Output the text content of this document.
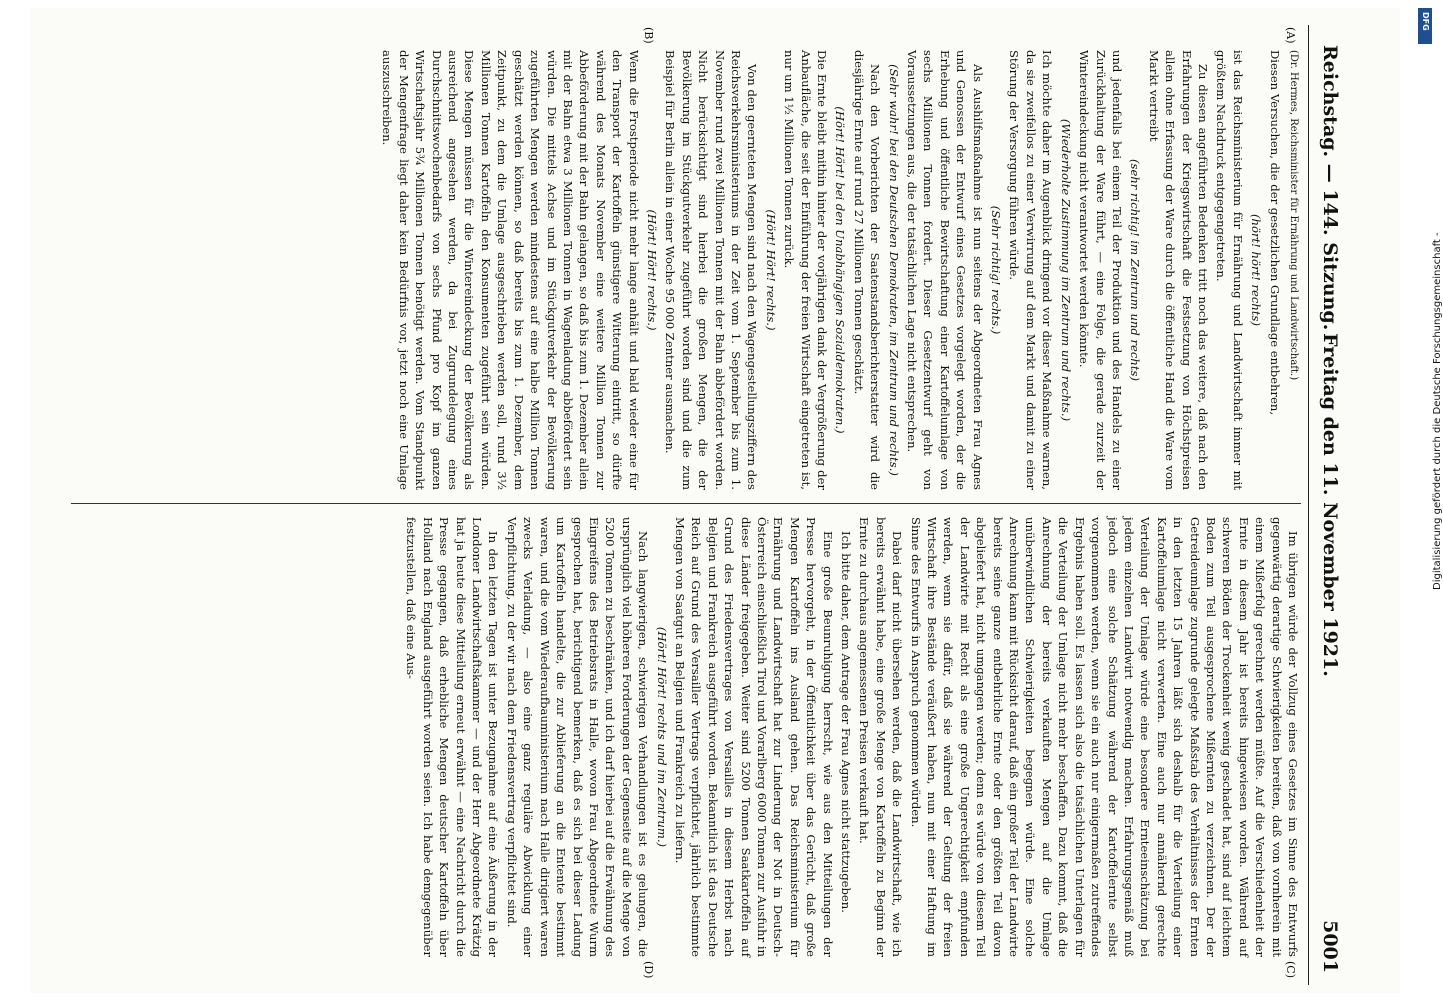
Reichstag. — 144. Sitzung.
Freitag den 11. November 1921.
5001
(A)
(B)
(C)
(D)

(Dr. Hermes, Reichsminister für Ernährung und Landwirtschaft.)

Diesen Versuchen, die der gesetzlichen Grundlage entbehren,

(hört! hört! rechts)

ist das Reichsministerium für Ernährung und Landwirtschaft immer mit größtem Nachdruck entgegengetreten.

Zu diesen angeführten Bedenken tritt noch das weitere, daß nach den Erfahrungen der Kriegswirtschaft die Festsetzung von Höchstpreisen allein ohne Erfassung der Ware durch die öffentliche Hand die Ware vom Markt vertreibt

(sehr richtig! im Zentrum und rechts)

und jedenfalls bei einem Teil der Produktion und des Handels zu einer Zurückhaltung der Ware führt, — eine Folge, die gerade zurzeit der Wintereindeckung nicht verantwortet werden könnte.

(Wiederholte Zustimmung im Zentrum und rechts.)

Ich möchte daher im Augenblick dringend vor dieser Maßnahme warnen, da sie zweifellos zu einer Verwirrung auf dem Markt und damit zu einer Störung der Versorgung führen würde.

(Sehr richtig! rechts.)

Als Aushilfsmaßnahme ist nun seitens der Abgeordneten Frau Agnes und Genossen der Entwurf eines Gesetzes vorgelegt worden, der die Erhebung und öffentliche Bewirtschaftung einer Kartoffelumlage von sechs Millionen Tonnen fordert. Dieser Gesetzentwurf geht von Voraussetzungen aus, die der tatsächlichen Lage nicht entsprechen.

(Sehr wahr! bei den Deutschen Demokraten, im Zentrum und rechts.)

Nach den Vorberichten der Saatenstandsberichterstatter wird die diesjährige Ernte auf rund 27 Millionen Tonnen geschätzt.

(Hört! Hört! bei den Unabhängigen Sozialdemokraten.)

Die Ernte bleibt mithin hinter der vorjährigen dank der Vergrößerung der Anbaufläche, die seit der Einführung der freien Wirtschaft eingetreten ist, nur um 1½ Millionen Tonnen zurück.

(Hört! Hört! rechts.)

Von den geernteten Mengen sind nach den Wagengestellungsziffern des Reichsverkehrsministeriums in der Zeit vom 1. September bis zum 1. November rund zwei Millionen Tonnen mit der Bahn abbefördert worden. Nicht berücksichtigt sind hierbei die großen Mengen, die der Bevölkerung im Stückgutverkehr zugeführt worden sind und die zum Beispiel für Berlin allein in einer Woche 95 000 Zentner ausmachen.

(Hört! Hört! rechts.)

Wenn die Frostperiode nicht mehr lange anhält und bald wieder eine für den Transport der Kartoffeln günstigere Witterung eintritt, so dürfte während des Monats November eine weitere Million Tonnen zur Abbeförderung mit der Bahn gelangen, so daß bis zum 1. Dezember allein mit der Bahn etwa 3 Millionen Tonnen in Wagenladung abbefördert sein würden. Die mittels Achse und im Stückgutverkehr der Bevölkerung zugeführten Mengen werden mindestens auf eine halbe Million Tonnen geschätzt werden können, so daß bereits bis zum 1. Dezember, dem Zeitpunkt, zu dem die Umlage ausgeschrieben werden soll, rund 3½ Millionen Tonnen Kartoffeln den Konsumenten zugeführt sein würden. Diese Mengen müssen für die Wintereindeckung der Bevölkerung als ausreichend angesehen werden, da bei Zugrundelegung eines Durchschnittswochenbedarfs von sechs Pfund pro Kopf im ganzen Wirtschaftsjahr 5¾ Millionen Tonnen benötigt werden. Vom Standpunkt der Mengenfrage liegt daher kein Bedürfnis vor, jetzt noch eine Umlage auszuschreiben.

Im übrigen würde der Vollzug eines Gesetzes im Sinne des Entwurfs gegenwärtig derartige Schwierigkeiten bereiten, daß von vornherein mit einem Mißerfolg gerechnet werden müßte. Auf die Verschiedenheit der Ernte in diesem Jahr ist bereits hingewiesen worden. Während auf schweren Böden der Trockenheit wenig geschadet hat, sind auf leichtem Boden zum Teil ausgesprochene Mißernten zu verzeichnen. Der der Getreideumlage zugrunde gelegte Maßstab des Verhältnisses der Ernten in den letzten 15 Jahren läßt sich deshalb für die Verteilung einer Kartoffelumlage nicht verwerten. Eine auch nur annähernd gerechte Verteilung der Umlage würde eine besondere Ernteeinschätzung bei jedem einzelnen Landwirt notwendig machen. Erfahrungsgemäß muß jedoch eine solche Schätzung während der Kartoffelernte selbst vorgenommen werden, wenn sie ein auch nur einigermaßen zutreffendes Ergebnis haben soll. Es lassen sich also die tatsächlichen Unterlagen für die Verteilung der Umlage nicht mehr beschaffen. Dazu kommt, daß die Anrechnung der bereits verkauften Mengen auf die Umlage unüberwindlichen Schwierigkeiten begegnen würde. Eine solche Anrechnung kann mit Rücksicht darauf, daß ein großer Teil der Landwirte bereits seine ganze entbehrliche Ernte oder den größten Teil davon abgeliefert hat, nicht umgangen werden; denn es würde von diesem Teil der Landwirte mit Recht als eine große Ungerechtigkeit empfunden werden, wenn sie dafür, daß sie während der Geltung der freien Wirtschaft ihre Bestände veräußert haben, nun mit einer Haftung im Sinne des Entwurfs in Anspruch genommen würden.

Dabei darf nicht übersehen werden, daß die Landwirtschaft, wie ich bereits erwähnt habe, eine große Menge von Kartoffeln zu Beginn der Ernte zu durchaus angemessenen Preisen verkauft hat.

Ich bitte daher, dem Antrage der Frau Agnes nicht stattzugeben.

Eine große Beunruhigung herrscht, wie aus den Mitteilungen der Presse hervorgeht, in der Öffentlichkeit über das Gerücht, daß große Mengen Kartoffeln ins Ausland gehen. Das Reichsministerium für Ernährung und Landwirtschaft hat zur Linderung der Not in Deutsch-Österreich einschließlich Tirol und Vorarlberg 6000 Tonnen zur Ausfuhr in diese Länder freigegeben. Weiter sind 5200 Tonnen Saatkartoffeln auf Grund des Friedensvertrages von Versailles in diesem Herbst nach Belgien und Frankreich ausgeführt worden. Bekanntlich ist das Deutsche Reich auf Grund des Versailler Vertrags verpflichtet, jährlich bestimmte Mengen von Saatgut an Belgien und Frankreich zu liefern.

(Hört! Hört! rechts und im Zentrum.)

Nach langwierigen, schwierigen Verhandlungen ist es gelungen, die ursprünglich viel höheren Forderungen der Gegenseite auf die Menge von 5200 Tonnen zu beschränken, und ich darf hierbei auf die Erwähnung des Eingreifens des Betriebsrats in Halle, wovon Frau Abgeordnete Wurm gesprochen hat, berichtigend bemerken, daß es sich bei dieser Ladung um Kartoffeln handelte, die zur Ablieferung an die Entente bestimmt waren, und die vom Wiederaufbauministerium nach Halle dirigiert waren zwecks Verladung, — also eine ganz reguläre Abwicklung einer Verpflichtung, zu der wir nach dem Friedensvertrag verpflichtet sind.

In den letzten Tagen ist unter Bezugnahme auf eine Äußerung in der Londoner Landwirtschaftskammer — und der Herr Abgeordnete Krätzig hat ja heute diese Mitteilung erneut erwähnt — eine Nachricht durch die Presse gegangen, daß erhebliche Mengen deutscher Kartoffeln über Holland nach England ausgeführt worden seien. Ich habe demgegenüber festzustellen, daß eine Aus-

Digitalisierung gefördert durch die Deutsche Forschungsgemeinschaft -
DFG
